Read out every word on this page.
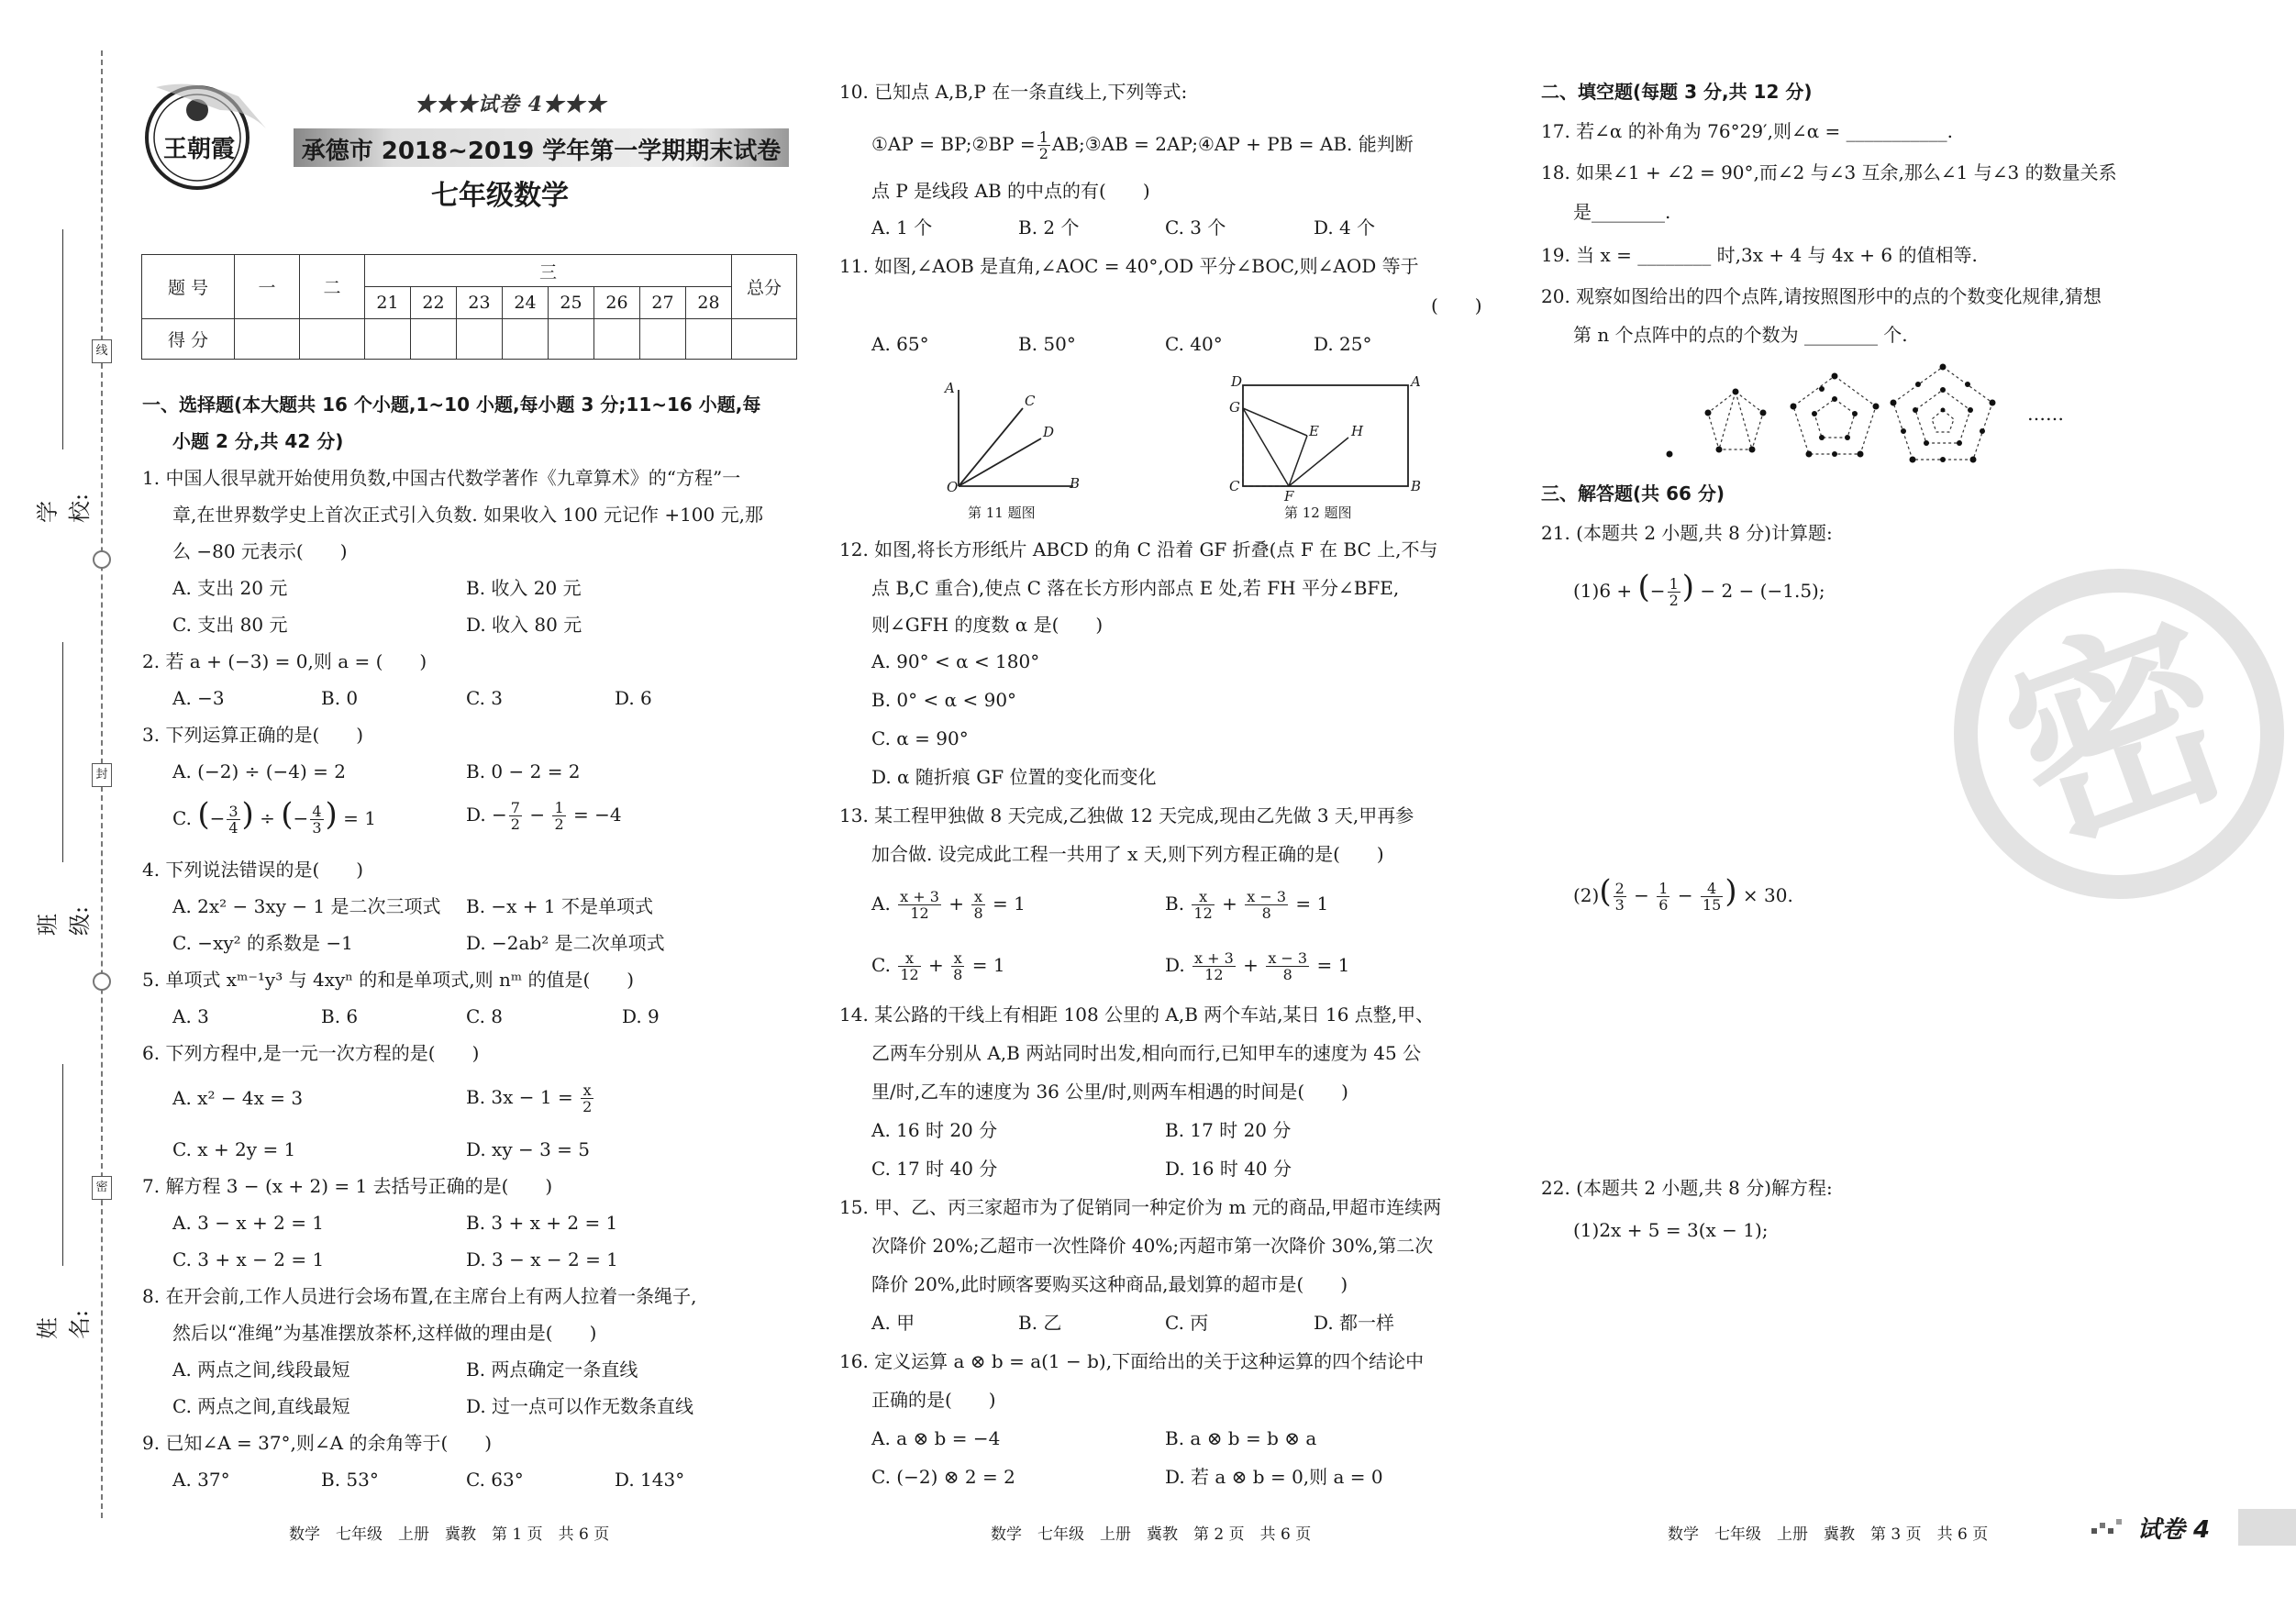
线
封
密
学校:
班级:
姓名:
王朝霞
★★★试卷 4★★★
承德市 2018~2019 学年第一学期期末试卷
七年级数学
题 号	一	二	三								总分
			21	22	23	24	25	26	27	28	
得 分											
一、选择题(本大题共 16 个小题,1~10 小题,每小题 3 分;11~16 小题,每
小题 2 分,共 42 分)
1. 中国人很早就开始使用负数,中国古代数学著作《九章算术》的“方程”一
章,在世界数学史上首次正式引入负数. 如果收入 100 元记作 +100 元,那
么 −80 元表示(　　)
A. 支出 20 元	B. 收入 20 元
C. 支出 80 元	D. 收入 80 元
2. 若 a + (−3) = 0,则 a = (　　)
A. −3	B. 0	C. 3	D. 6
3. 下列运算正确的是(　　)
A. (−2) ÷ (−4) = 2	B. 0 − 2 = 2
C. (− $\frac{3}{4}$ ) ÷ (− $\frac{4}{3}$ ) = 1	D. − $\frac{7}{2} - \frac{1}{2} = -4$
4. 下列说法错误的是(　　)
A. 2x² − 3xy − 1 是二次三项式 B. −x + 1 不是单项式
C. −xy² 的系数是 −1	D. −2ab² 是二次单项式
5. 单项式 xᵐ⁻¹y³ 与 4xyⁿ 的和是单项式,则 nᵐ 的值是(　　)
A. 3	B. 6	C. 8	D. 9
6. 下列方程中,是一元一次方程的是(　　)
A. x² − 4x = 3	B. $3x - 1 = \frac{x}{2}$
C. x + 2y = 1	D. xy − 3 = 5
7. 解方程 3 − (x + 2) = 1 去括号正确的是(　　)
A. 3 − x + 2 = 1	B. 3 + x + 2 = 1
C. 3 + x − 2 = 1	D. 3 − x − 2 = 1
8. 在开会前,工作人员进行会场布置,在主席台上有两人拉着一条绳子,
然后以“准绳”为基准摆放茶杯,这样做的理由是(　　)
A. 两点之间,线段最短	B. 两点确定一条直线
C. 两点之间,直线最短	D. 过一点可以作无数条直线
9. 已知∠A = 37°,则∠A 的余角等于(　　)
A. 37°	B. 53°	C. 63°	D. 143°
数学　七年级　上册　冀教　第 1 页　共 6 页
10. 已知点 A,B,P 在一条直线上,下列等式:
①AP = BP;②BP = $\frac{1}{2}$ AB;③AB = 2AP;④AP + PB = AB. 能判断
点 P 是线段 AB 的中点的有(　　)
A. 1 个	B. 2 个	C. 3 个	D. 4 个
11. 如图,∠AOB 是直角,∠AOC = 40°,OD 平分∠BOC,则∠AOD 等于
(　　)
A. 65°	B. 50°	C. 40°	D. 25°
A
C
D
O	B
第 11 题图
D	A
G
E H
C
F
B
第 12 题图
12. 如图,将长方形纸片 ABCD 的角 C 沿着 GF 折叠(点 F 在 BC 上,不与
点 B,C 重合),使点 C 落在长方形内部点 E 处,若 FH 平分∠BFE,
则∠GFH 的度数 α 是(　　)
A. 90° < α < 180°
B. 0° < α < 90°
C. α = 90°
D. α 随折痕 GF 位置的变化而变化
13. 某工程甲独做 8 天完成,乙独做 12 天完成,现由乙先做 3 天,甲再参
加合做. 设完成此工程一共用了 x 天,则下列方程正确的是(　　)
A. $\frac{x + 3}{12} + \frac{x}{8} = 1$	B. $\frac{x}{12} + \frac{x - 3}{8} = 1$
C. $\frac{x}{12} + \frac{x}{8} = 1$	D. $\frac{x + 3}{12} + \frac{x - 3}{8} = 1$
14. 某公路的干线上有相距 108 公里的 A,B 两个车站,某日 16 点整,甲、
乙两车分别从 A,B 两站同时出发,相向而行,已知甲车的速度为 45 公
里/时,乙车的速度为 36 公里/时,则两车相遇的时间是(　　)
A. 16 时 20 分	B. 17 时 20 分
C. 17 时 40 分	D. 16 时 40 分
15. 甲、乙、丙三家超市为了促销同一种定价为 m 元的商品,甲超市连续两
次降价 20%;乙超市一次性降价 40%;丙超市第一次降价 30%,第二次
降价 20%,此时顾客要购买这种商品,最划算的超市是(　　)
A. 甲	B. 乙	C. 丙	D. 都一样
16. 定义运算 a ⊗ b = a(1 − b),下面给出的关于这种运算的四个结论中
正确的是(　　)
A. a ⊗ b = −4	B. a ⊗ b = b ⊗ a
C. (−2) ⊗ 2 = 2	D. 若 a ⊗ b = 0,则 a = 0
数学　七年级　上册　冀教　第 2 页　共 6 页
密
二、填空题(每题 3 分,共 12 分)
17. 若∠α 的补角为 76°29′,则∠α = ___________.
18. 如果∠1 + ∠2 = 90°,而∠2 与∠3 互余,那么∠1 与∠3 的数量关系
是________.
19. 当 x = ________ 时,3x + 4 与 4x + 6 的值相等.
20. 观察如图给出的四个点阵,请按照图形中的点的个数变化规律,猜想
第 n 个点阵中的点的个数为 ________ 个.
……
三、解答题(共 66 分)
21. (本题共 2 小题,共 8 分)计算题:
(1)6 + (− $\frac{1}{2}$ ) − 2 − (−1.5);
$(2)( \frac{2}{3} - \frac{1}{6} - \frac{4}{15}$ ) × 30.
22. (本题共 2 小题,共 8 分)解方程:
(1)2x + 5 = 3(x − 1);
数学　七年级　上册　冀教　第 3 页　共 6 页	试卷 4
